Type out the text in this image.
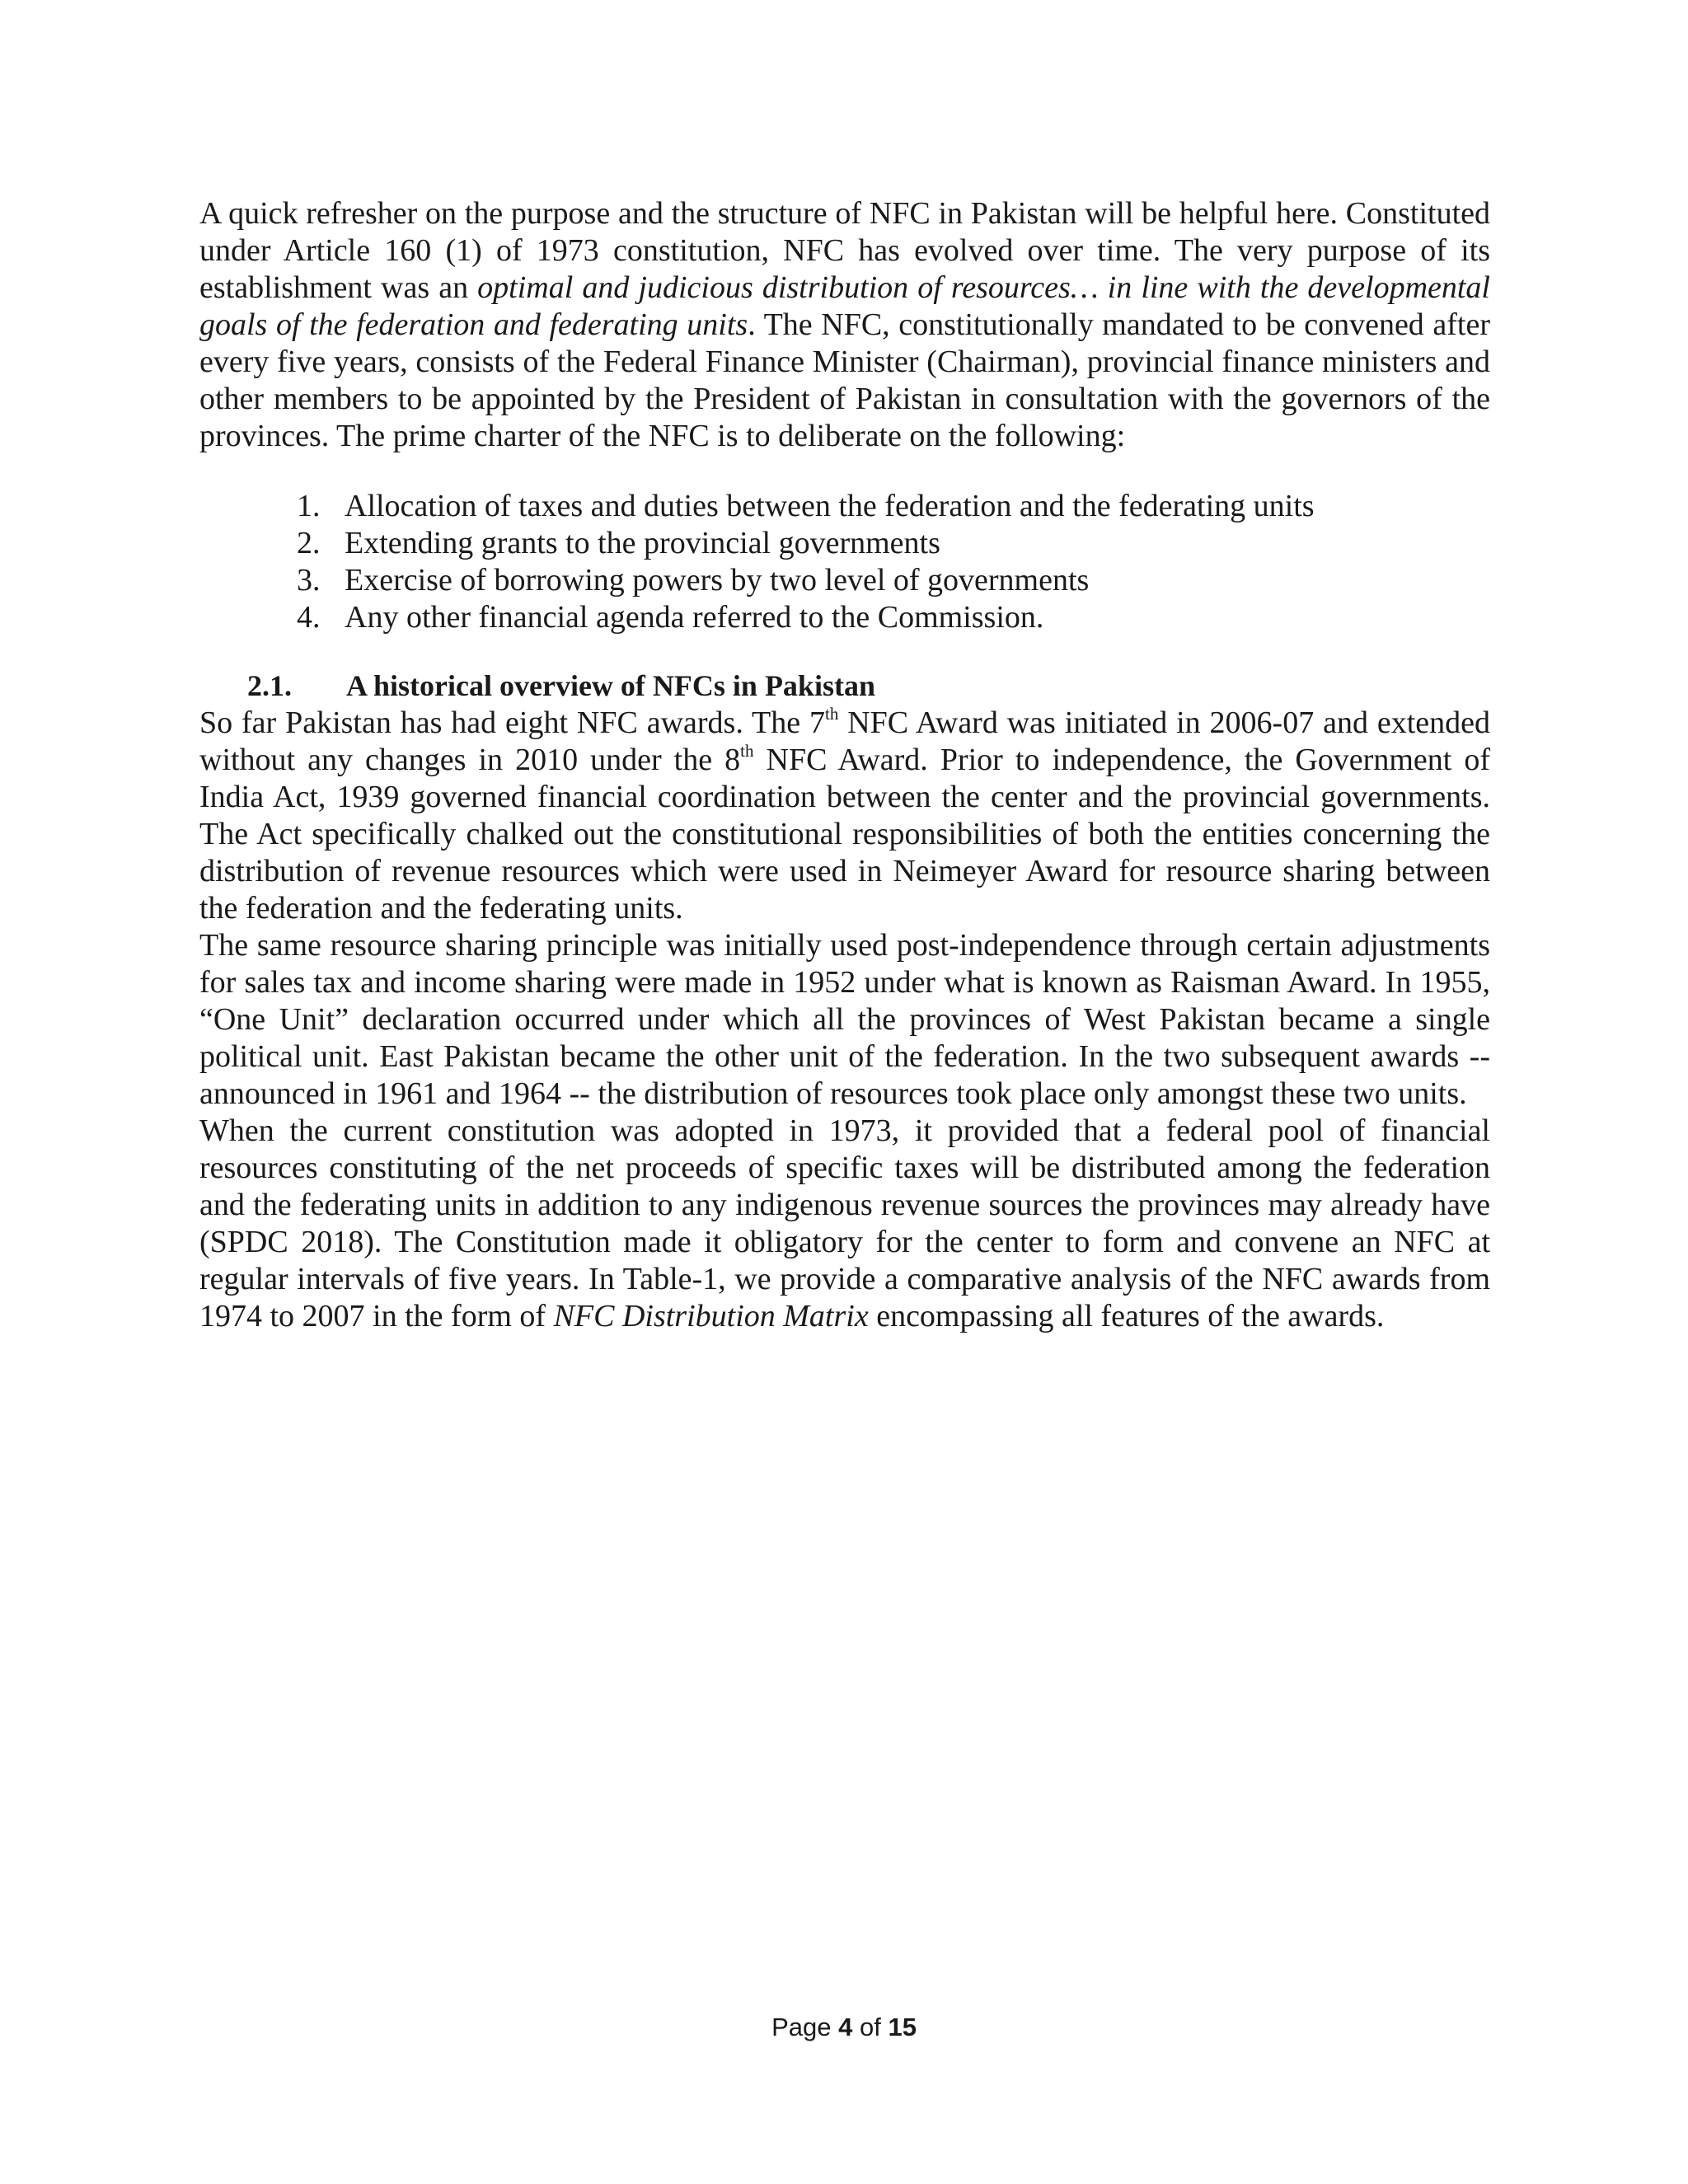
A quick refresher on the purpose and the structure of NFC in Pakistan will be helpful here. Constituted under Article 160 (1) of 1973 constitution, NFC has evolved over time. The very purpose of its establishment was an optimal and judicious distribution of resources… in line with the developmental goals of the federation and federating units. The NFC, constitutionally mandated to be convened after every five years, consists of the Federal Finance Minister (Chairman), provincial finance ministers and other members to be appointed by the President of Pakistan in consultation with the governors of the provinces. The prime charter of the NFC is to deliberate on the following:

1. Allocation of taxes and duties between the federation and the federating units
2. Extending grants to the provincial governments
3. Exercise of borrowing powers by two level of governments
4. Any other financial agenda referred to the Commission.
2.1.	A historical overview of NFCs in Pakistan

So far Pakistan has had eight NFC awards. The 7th NFC Award was initiated in 2006-07 and extended without any changes in 2010 under the 8th NFC Award. Prior to independence, the Government of India Act, 1939 governed financial coordination between the center and the provincial governments. The Act specifically chalked out the constitutional responsibilities of both the entities concerning the distribution of revenue resources which were used in Neimeyer Award for resource sharing between the federation and the federating units.

The same resource sharing principle was initially used post-independence through certain adjustments for sales tax and income sharing were made in 1952 under what is known as Raisman Award. In 1955, “One Unit” declaration occurred under which all the provinces of West Pakistan became a single political unit. East Pakistan became the other unit of the federation. In the two subsequent awards -- announced in 1961 and 1964 -- the distribution of resources took place only amongst these two units.

When the current constitution was adopted in 1973, it provided that a federal pool of financial resources constituting of the net proceeds of specific taxes will be distributed among the federation and the federating units in addition to any indigenous revenue sources the provinces may already have (SPDC 2018). The Constitution made it obligatory for the center to form and convene an NFC at regular intervals of five years. In Table-1, we provide a comparative analysis of the NFC awards from 1974 to 2007 in the form of NFC Distribution Matrix encompassing all features of the awards.

Page 4 of 15
